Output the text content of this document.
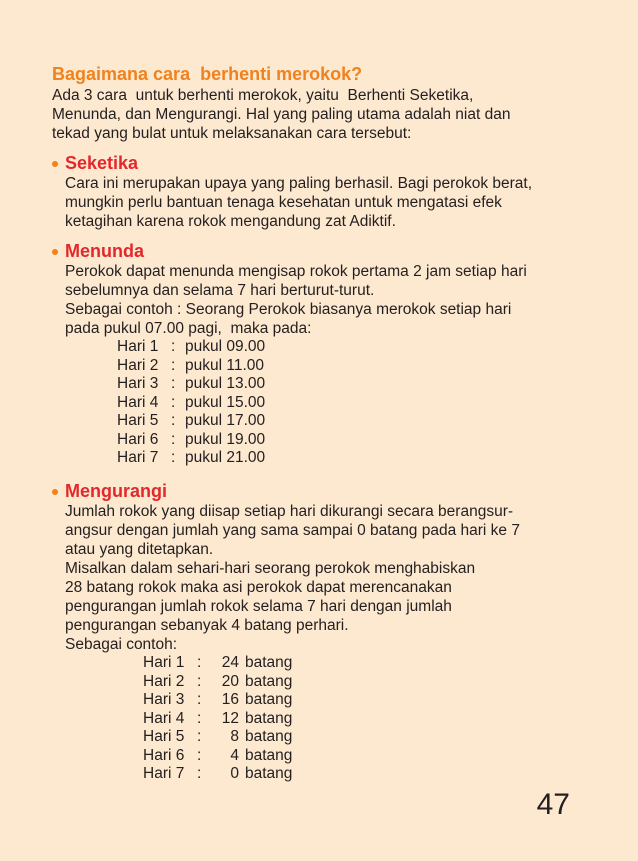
Bagaimana cara  berhenti merokok?
Ada 3 cara  untuk berhenti merokok, yaitu  Berhenti Seketika,
Menunda, dan Mengurangi. Hal yang paling utama adalah niat dan
tekad yang bulat untuk melaksanakan cara tersebut:
Seketika
Cara ini merupakan upaya yang paling berhasil. Bagi perokok berat,
mungkin perlu bantuan tenaga kesehatan untuk mengatasi efek
ketagihan karena rokok mengandung zat Adiktif.
Menunda
Perokok dapat menunda mengisap rokok pertama 2 jam setiap hari
sebelumnya dan selama 7 hari berturut-turut.
Sebagai contoh : Seorang Perokok biasanya merokok setiap hari
pada pukul 07.00 pagi,  maka pada:
Hari 1 : pukul 09.00
Hari 2 : pukul 11.00
Hari 3 : pukul 13.00
Hari 4 : pukul 15.00
Hari 5 : pukul 17.00
Hari 6 : pukul 19.00
Hari 7 : pukul 21.00
Mengurangi
Jumlah rokok yang diisap setiap hari dikurangi secara berangsur-
angsur dengan jumlah yang sama sampai 0 batang pada hari ke 7
atau yang ditetapkan.
Misalkan dalam sehari-hari seorang perokok menghabiskan
28 batang rokok maka asi perokok dapat merencanakan
pengurangan jumlah rokok selama 7 hari dengan jumlah
pengurangan sebanyak 4 batang perhari.
Sebagai contoh:
Hari 1 :	24 batang
Hari 2 :	20 batang
Hari 3 :	16 batang
Hari 4 :	12 batang
Hari 5 :	8 batang
Hari 6 :	4 batang
Hari 7 :	0 batang
47
